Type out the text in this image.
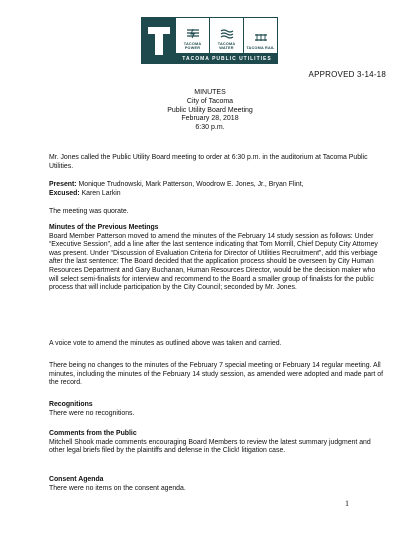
TACOMA POWER
TACOMA WATER	TACOMA RAIL
TACOMA PUBLIC UTILITIES
APPROVED 3-14-18
MINUTES
City of Tacoma
Public Utility Board Meeting
February 28, 2018
6:30 p.m.

Mr. Jones called the Public Utility Board meeting to order at 6:30 p.m. in the auditorium at Tacoma Public Utilities.

Present: Monique Trudnowski, Mark Patterson, Woodrow E. Jones, Jr., Bryan Flint,

Excused: Karen Larkin

The meeting was quorate.

Minutes of the Previous Meetings

Board Member Patterson moved to amend the minutes of the February 14 study session as follows: Under “Executive Session”, add a line after the last sentence indicating that Tom Morrill, Chief Deputy City Attorney was present. Under “Discussion of Evaluation Criteria for Director of Utilities Recruitment”, add this verbiage after the last sentence: The Board decided that the application process should be overseen by City Human Resources Department and Gary Buchanan, Human Resources Director, would be the decision maker who will select semi-finalists for interview and recommend to the Board a smaller group of finalists for the public process that will include participation by the City Council; seconded by Mr. Jones.

A voice vote to amend the minutes as outlined above was taken and carried.

There being no changes to the minutes of the February 7 special meeting or February 14 regular meeting. All minutes, including the minutes of the February 14 study session, as amended were adopted and made part of the record.

Recognitions

There were no recognitions.

Comments from the Public

Mitchell Shook made comments encouraging Board Members to review the latest summary judgment and other legal briefs filed by the plaintiffs and defense in the Click! litigation case.

Consent Agenda

There were no items on the consent agenda.

1
